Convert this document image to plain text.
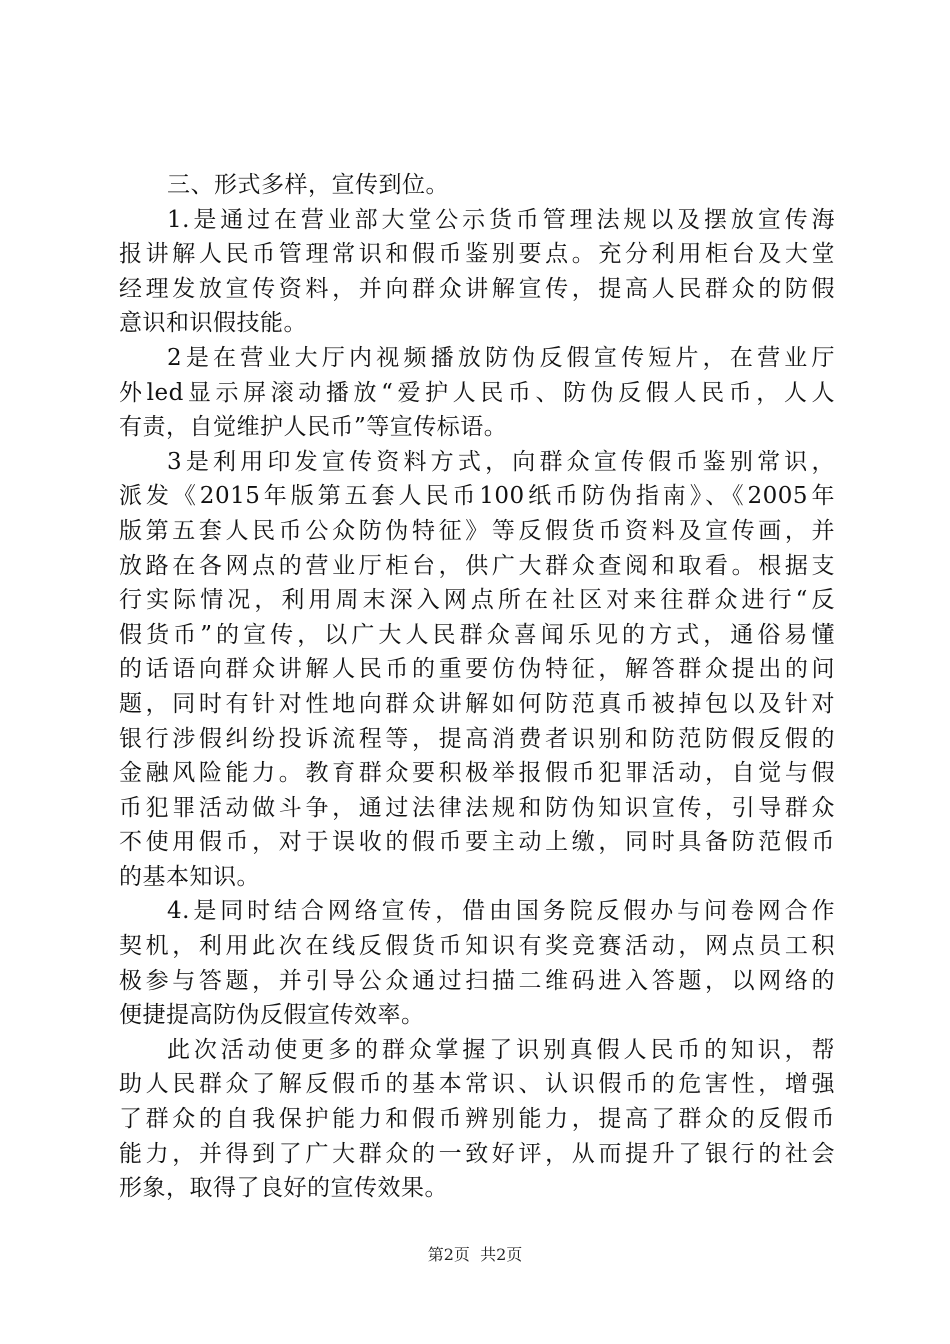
三、形式多样，宣传到位。

1.是通过在营业部大堂公示货币管理法规以及摆放宣传海
报讲解人民币管理常识和假币鉴别要点。充分利用柜台及大堂
经理发放宣传资料，并向群众讲解宣传，提高人民群众的防假
意识和识假技能。

2是在营业大厅内视频播放防伪反假宣传短片，在营业厅
外led显示屏滚动播放“爱护人民币、防伪反假人民币，人人
有责，自觉维护人民币”等宣传标语。

3是利用印发宣传资料方式，向群众宣传假币鉴别常识，
派发《2015年版第五套人民币100纸币防伪指南》、《2005年
版第五套人民币公众防伪特征》等反假货币资料及宣传画，并
放路在各网点的营业厅柜台，供广大群众查阅和取看。根据支
行实际情况，利用周末深入网点所在社区对来往群众进行“反
假货币”的宣传，以广大人民群众喜闻乐见的方式，通俗易懂
的话语向群众讲解人民币的重要仿伪特征，解答群众提出的问
题，同时有针对性地向群众讲解如何防范真币被掉包以及针对
银行涉假纠纷投诉流程等，提高消费者识别和防范防假反假的
金融风险能力。教育群众要积极举报假币犯罪活动，自觉与假
币犯罪活动做斗争，通过法律法规和防伪知识宣传，引导群众
不使用假币，对于误收的假币要主动上缴，同时具备防范假币
的基本知识。

4.是同时结合网络宣传，借由国务院反假办与问卷网合作
契机，利用此次在线反假货币知识有奖竞赛活动，网点员工积
极参与答题，并引导公众通过扫描二维码进入答题，以网络的
便捷提高防伪反假宣传效率。

此次活动使更多的群众掌握了识别真假人民币的知识，帮
助人民群众了解反假币的基本常识、认识假币的危害性，增强
了群众的自我保护能力和假币辨别能力，提高了群众的反假币
能力，并得到了广大群众的一致好评，从而提升了银行的社会
形象，取得了良好的宣传效果。

第2页  共2页
